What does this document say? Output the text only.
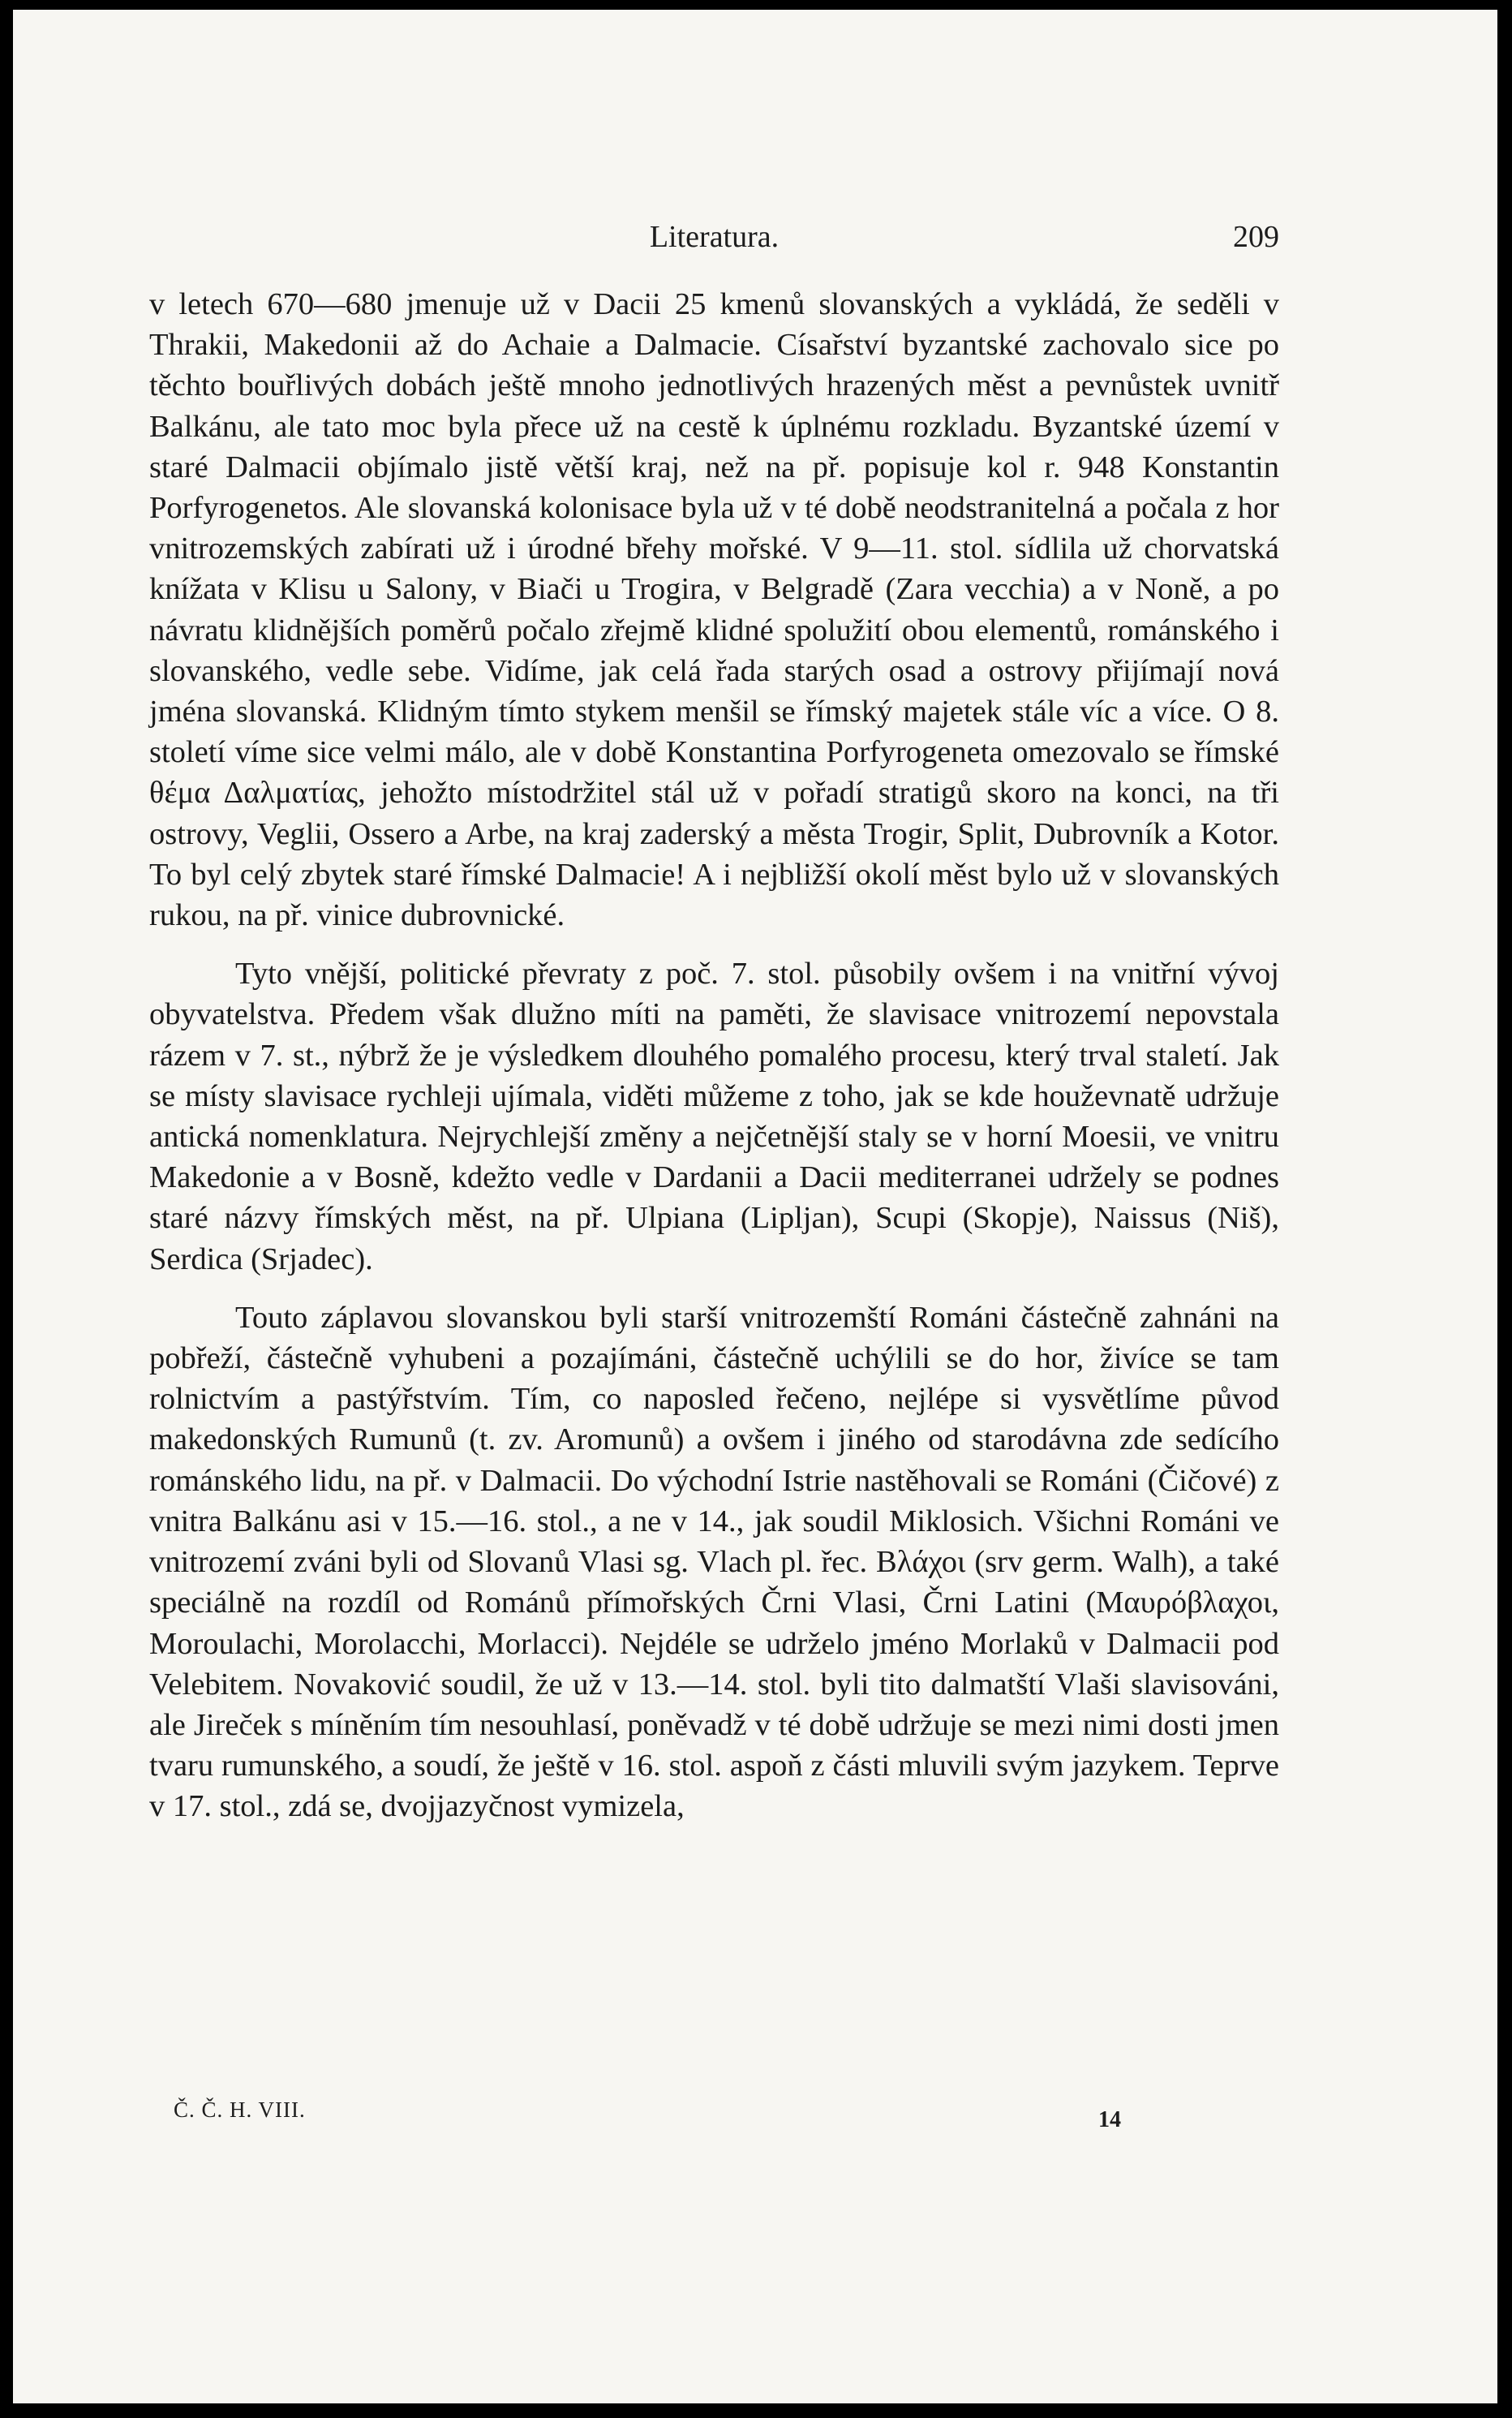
Literatura.	209

v letech 670—680 jmenuje už v Dacii 25 kmenů slovanských a vykládá, že seděli v Thrakii, Makedonii až do Achaie a Dalmacie. Císařství byzantské zachovalo sice po těchto bouřlivých dobách ještě mnoho jednotlivých hrazených měst a pevnůstek uvnitř Balkánu, ale tato moc byla přece už na cestě k úplnému rozkladu. Byzantské území v staré Dalmacii objímalo jistě větší kraj, než na př. popisuje kol r. 948 Konstantin Porfyrogenetos. Ale slovanská kolonisace byla už v té době neodstranitelná a počala z hor vnitrozemských zabírati už i úrodné břehy mořské. V 9—11. stol. sídlila už chorvatská knížata v Klisu u Salony, v Biači u Trogira, v Belgradě (Zara vecchia) a v Noně, a po návratu klidnějších poměrů počalo zřejmě klidné spolužití obou elementů, románského i slovanského, vedle sebe. Vidíme, jak celá řada starých osad a ostrovy přijímají nová jména slovanská. Klidným tímto stykem menšil se římský majetek stále víc a více. O 8. století víme sice velmi málo, ale v době Konstantina Porfyrogeneta omezovalo se římské θέμα Δαλματίας, jehožto místodržitel stál už v pořadí stratigů skoro na konci, na tři ostrovy, Veglii, Ossero a Arbe, na kraj zaderský a města Trogir, Split, Dubrovník a Kotor. To byl celý zbytek staré římské Dalmacie! A i nejbližší okolí měst bylo už v slovanských rukou, na př. vinice dubrovnické.

Tyto vnější, politické převraty z poč. 7. stol. působily ovšem i na vnitřní vývoj obyvatelstva. Předem však dlužno míti na paměti, že slavisace vnitrozemí nepovstala rázem v 7. st., nýbrž že je výsledkem dlouhého pomalého procesu, který trval staletí. Jak se místy slavisace rychleji ujímala, viděti můžeme z toho, jak se kde houževnatě udržuje antická nomenklatura. Nejrychlejší změny a nejčetnější staly se v horní Moesii, ve vnitru Makedonie a v Bosně, kdežto vedle v Dardanii a Dacii mediterranei udržely se podnes staré názvy římských měst, na př. Ulpiana (Lipljan), Scupi (Skopje), Naissus (Niš), Serdica (Srjadec).

Touto záplavou slovanskou byli starší vnitrozemští Románi částečně zahnáni na pobřeží, částečně vyhubeni a pozajímáni, částečně uchýlili se do hor, živíce se tam rolnictvím a pastýřstvím. Tím, co naposled řečeno, nejlépe si vysvětlíme původ makedonských Rumunů (t. zv. Aromunů) a ovšem i jiného od starodávna zde sedícího románského lidu, na př. v Dalmacii. Do východní Istrie nastěhovali se Románi (Čičové) z vnitra Balkánu asi v 15.—16. stol., a ne v 14., jak soudil Miklosich. Všichni Románi ve vnitrozemí zváni byli od Slovanů Vlasi sg. Vlach pl. řec. Βλάχοι (srv germ. Walh), a také speciálně na rozdíl od Románů přímořských Črni Vlasi, Črni Latini (Μαυρόβλαχοι, Moroulachi, Morolacchi, Morlacci). Nejdéle se udrželo jméno Morlaků v Dalmacii pod Velebitem. Novaković soudil, že už v 13.—14. stol. byli tito dalmatští Vlaši slavisováni, ale Jireček s míněním tím nesouhlasí, poněvadž v té době udržuje se mezi nimi dosti jmen tvaru rumunského, a soudí, že ještě v 16. stol. aspoň z části mluvili svým jazykem. Teprve v 17. stol., zdá se, dvojjazyčnost vymizela,

Č. Č. H. VIII.	14
